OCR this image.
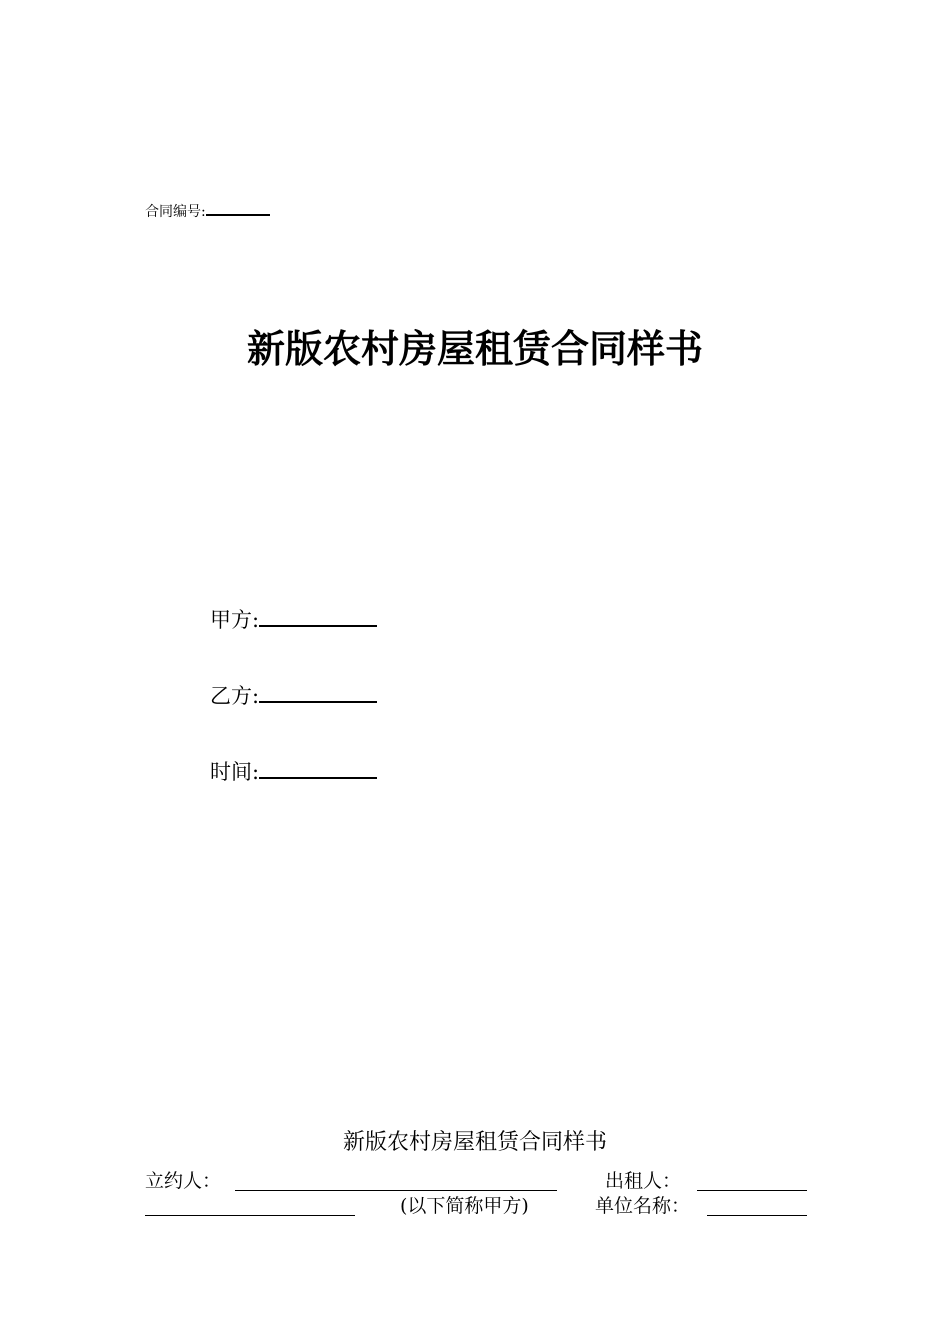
合同编号:
新版农村房屋租赁合同样书
甲方:
乙方:
时间:
新版农村房屋租赁合同样书
立约人：	出租人：
(以下简称甲方)	单位名称：
